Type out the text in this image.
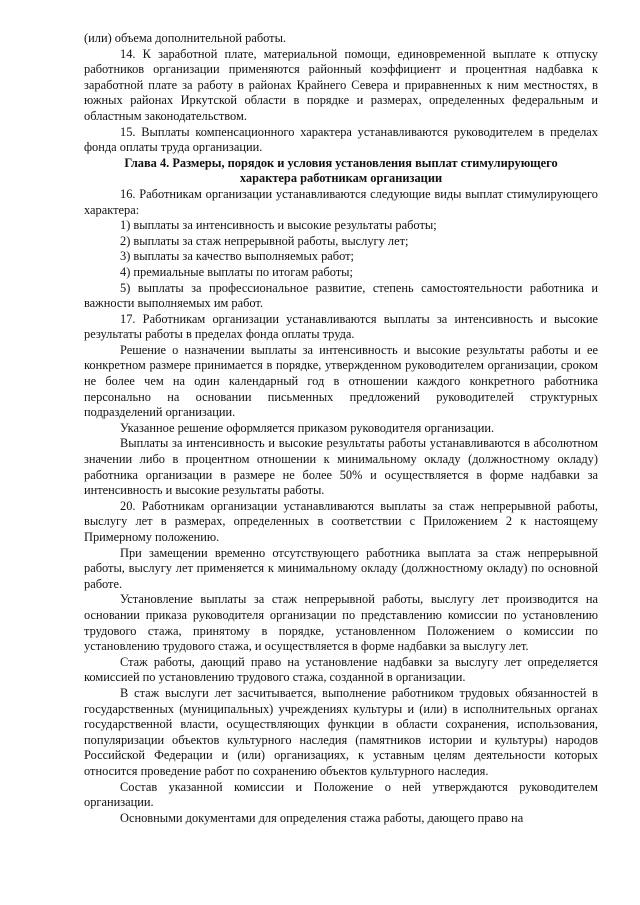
(или) объема дополнительной работы.

14. К заработной плате, материальной помощи, единовременной выплате к отпуску работников организации применяются районный коэффициент и процентная надбавка к заработной плате за работу в районах Крайнего Севера и приравненных к ним местностях, в южных районах Иркутской области в порядке и размерах, определенных федеральным и областным законодательством.

15. Выплаты компенсационного характера устанавливаются руководителем в пределах фонда оплаты труда организации.

Глава 4. Размеры, порядок и условия установления выплат стимулирующего характера работникам организации

16. Работникам организации устанавливаются следующие виды выплат стимулирующего характера:

1) выплаты за интенсивность и высокие результаты работы;

2) выплаты за стаж непрерывной работы, выслугу лет;

3) выплаты за качество выполняемых работ;

4) премиальные выплаты по итогам работы;

5) выплаты за профессиональное развитие, степень самостоятельности работника и важности выполняемых им работ.

17. Работникам организации устанавливаются выплаты за интенсивность и высокие результаты работы в пределах фонда оплаты труда.

Решение о назначении выплаты за интенсивность и высокие результаты работы и ее конкретном размере принимается в порядке, утвержденном руководителем организации, сроком не более чем на один календарный год в отношении каждого конкретного работника персонально на основании письменных предложений руководителей структурных подразделений организации.

Указанное решение оформляется приказом руководителя организации.

Выплаты за интенсивность и высокие результаты работы устанавливаются в абсолютном значении либо в процентном отношении к минимальному окладу (должностному окладу) работника организации в размере не более 50% и осуществляется в форме надбавки за интенсивность и высокие результаты работы.

20. Работникам организации устанавливаются выплаты за стаж непрерывной работы, выслугу лет в размерах, определенных в соответствии с Приложением 2 к настоящему Примерному положению.

При замещении временно отсутствующего работника выплата за стаж непрерывной работы, выслугу лет применяется к минимальному окладу (должностному окладу) по основной работе.

Установление выплаты за стаж непрерывной работы, выслугу лет производится на основании приказа руководителя организации по представлению комиссии по установлению трудового стажа, принятому в порядке, установленном Положением о комиссии по установлению трудового стажа, и осуществляется в форме надбавки за выслугу лет.

Стаж работы, дающий право на установление надбавки за выслугу лет определяется комиссией по установлению трудового стажа, созданной в организации.

В стаж выслуги лет засчитывается, выполнение работником трудовых обязанностей в государственных (муниципальных) учреждениях культуры и (или) в исполнительных органах государственной власти, осуществляющих функции в области сохранения, использования, популяризации объектов культурного наследия (памятников истории и культуры) народов Российской Федерации и (или) организациях, к уставным целям деятельности которых относится проведение работ по сохранению объектов культурного наследия.

Состав указанной комиссии и Положение о ней утверждаются руководителем организации.

Основными документами для определения стажа работы, дающего право на
